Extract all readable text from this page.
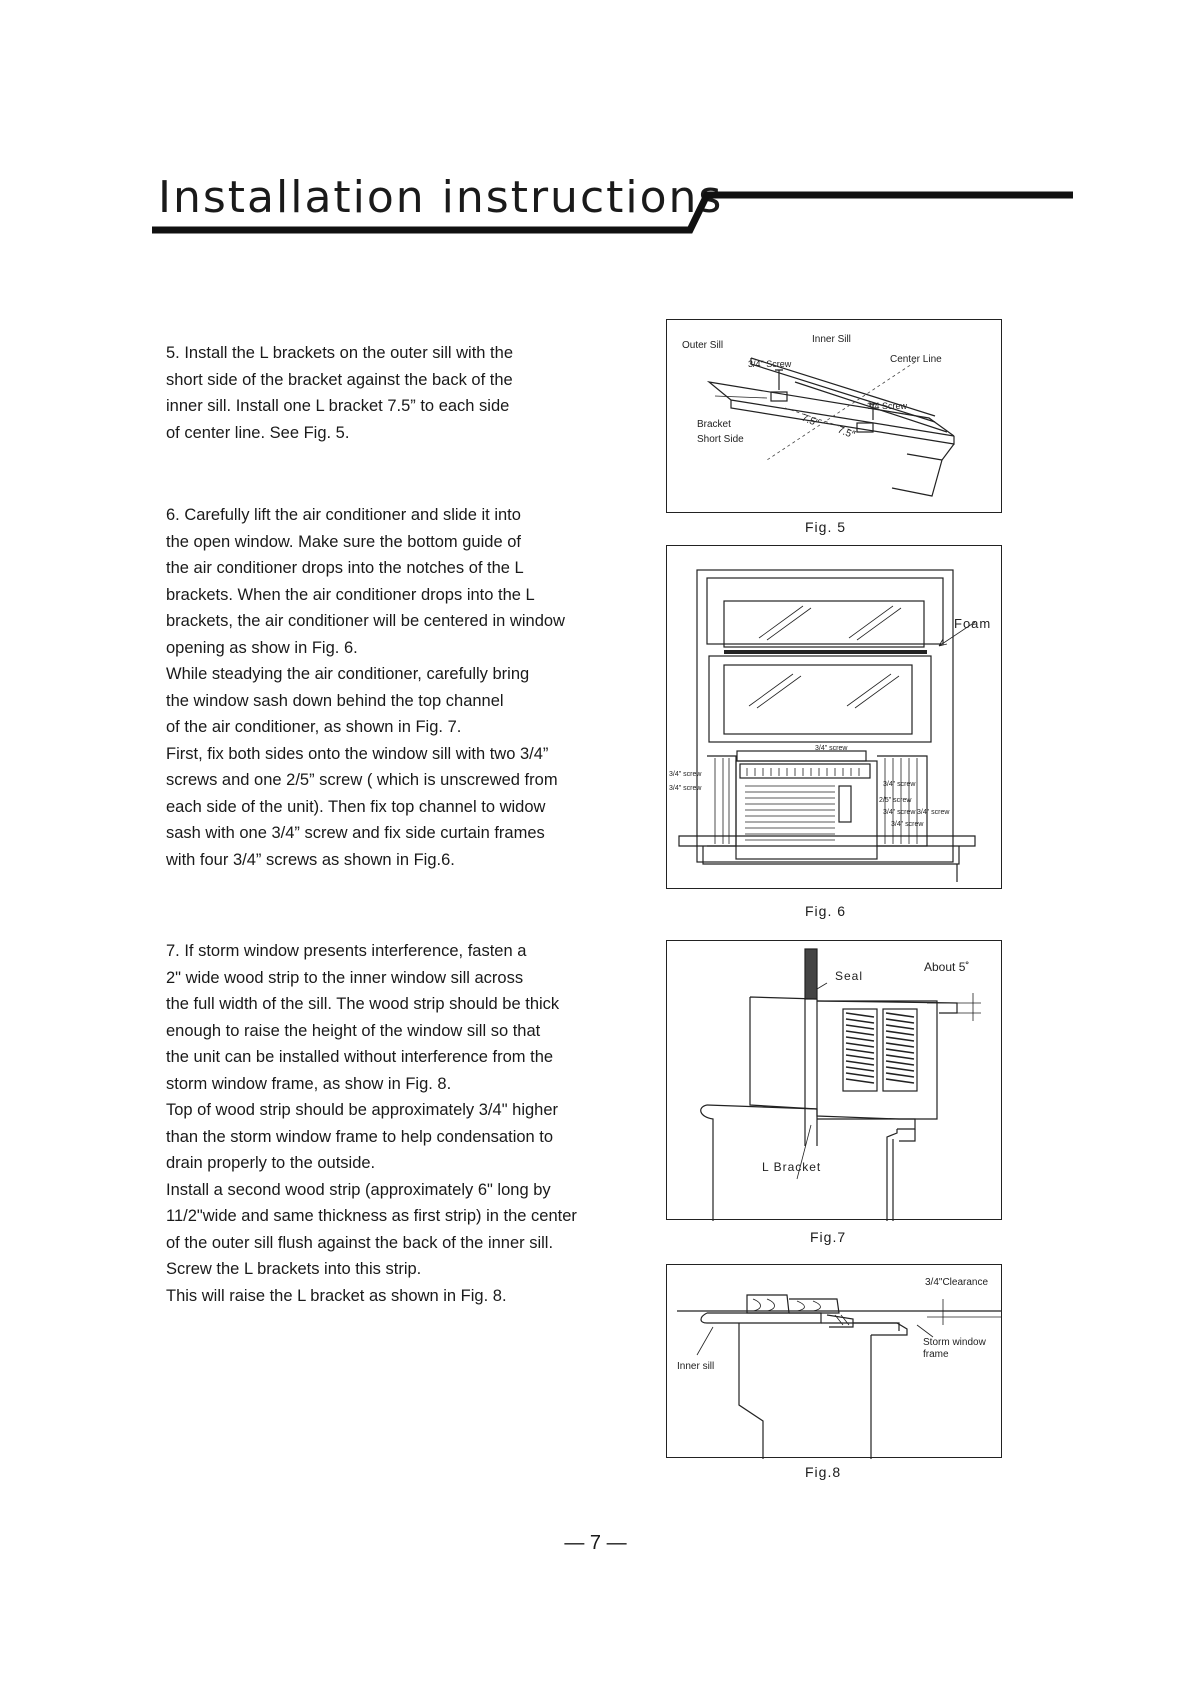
Installation instructions

5. Install the L brackets on the outer sill with the

short side of the bracket against the back of the

inner sill. Install one L bracket 7.5” to each side

of center line. See Fig. 5.

6. Carefully lift the air conditioner and slide it into

the open window. Make sure the bottom guide of

the air conditioner drops into the notches of the L

brackets. When the air conditioner drops into the L

brackets, the air conditioner will be centered in window

opening as show in Fig. 6.

While steadying the air conditioner, carefully bring

the window sash down behind the top channel

of the air conditioner, as shown in Fig. 7.

First, fix both sides onto the window sill with two 3/4”

screws and one 2/5” screw ( which is unscrewed from

each side of the unit). Then fix top channel to widow

sash with one 3/4” screw and fix side curtain frames

with four 3/4” screws as shown in Fig.6.

7. If storm window presents interference, fasten a

2" wide wood strip to the inner window sill across

the full width of the sill. The wood strip should be thick

enough to raise the height of the window sill so that

the unit can be installed without interference from the

storm window frame, as show in Fig. 8.

Top of wood strip should be approximately 3/4" higher

than the storm window frame to help condensation to

drain properly to the outside.

Install a second wood strip (approximately 6" long by

11/2"wide and same thickness as first strip) in the center

of the outer sill flush against the back of the inner sill.

Screw the L brackets into this strip.

This will raise the L bracket as shown in Fig. 8.

Outer Sill
Inner Sill
Center Line
3/4" Screw
3/4 Screw
Bracket
Short Side
7.5"
7.5"
Fig. 5
Foam
3/4" screw
3/4" screw
3/4" screw
3/4" screw
2/5" screw
3/4" screw 3/4" screw
3/4" screw
Fig. 6
Seal
About 5˚
L Bracket
Fig.7
3/4"Clearance
Storm window
frame
Inner sill
Fig.8
— 7 —
